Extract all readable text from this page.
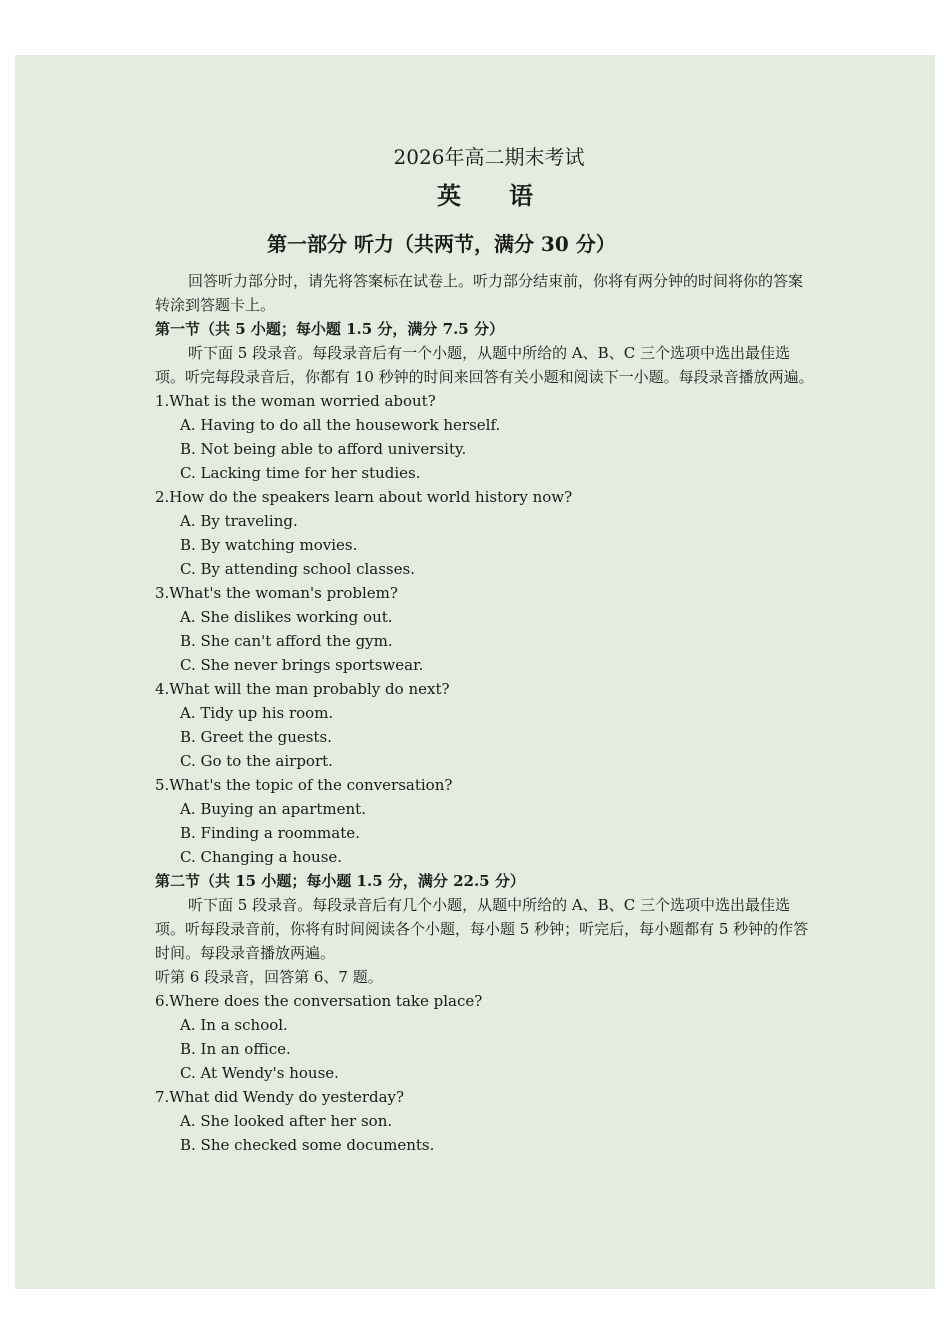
2026年高二期末考试
英 语
第一部分 听力（共两节，满分 30 分）

回答听力部分时，请先将答案标在试卷上。听力部分结束前，你将有两分钟的时间将你的答案转涂到答题卡上。

第一节（共 5 小题；每小题 1.5 分，满分 7.5 分）

听下面 5 段录音。每段录音后有一个小题，从题中所给的 A、B、C 三个选项中选出最佳选项。听完每段录音后，你都有 10 秒钟的时间来回答有关小题和阅读下一小题。每段录音播放两遍。

1.What is the woman worried about?
A. Having to do all the housework herself.
B. Not being able to afford university.
C. Lacking time for her studies.
2.How do the speakers learn about world history now?
A. By traveling.
B. By watching movies.
C. By attending school classes.
3.What's the woman's problem?
A. She dislikes working out.
B. She can't afford the gym.
C. She never brings sportswear.
4.What will the man probably do next?
A. Tidy up his room.
B. Greet the guests.
C. Go to the airport.
5.What's the topic of the conversation?
A. Buying an apartment.
B. Finding a roommate.
C. Changing a house.
第二节（共 15 小题；每小题 1.5 分，满分 22.5 分）

听下面 5 段录音。每段录音后有几个小题，从题中所给的 A、B、C 三个选项中选出最佳选项。听每段录音前，你将有时间阅读各个小题，每小题 5 秒钟；听完后，每小题都有 5 秒钟的作答时间。每段录音播放两遍。

听第 6 段录音，回答第 6、7 题。
6.Where does the conversation take place?
A. In a school.
B. In an office.
C. At Wendy's house.
7.What did Wendy do yesterday?
A. She looked after her son.
B. She checked some documents.
